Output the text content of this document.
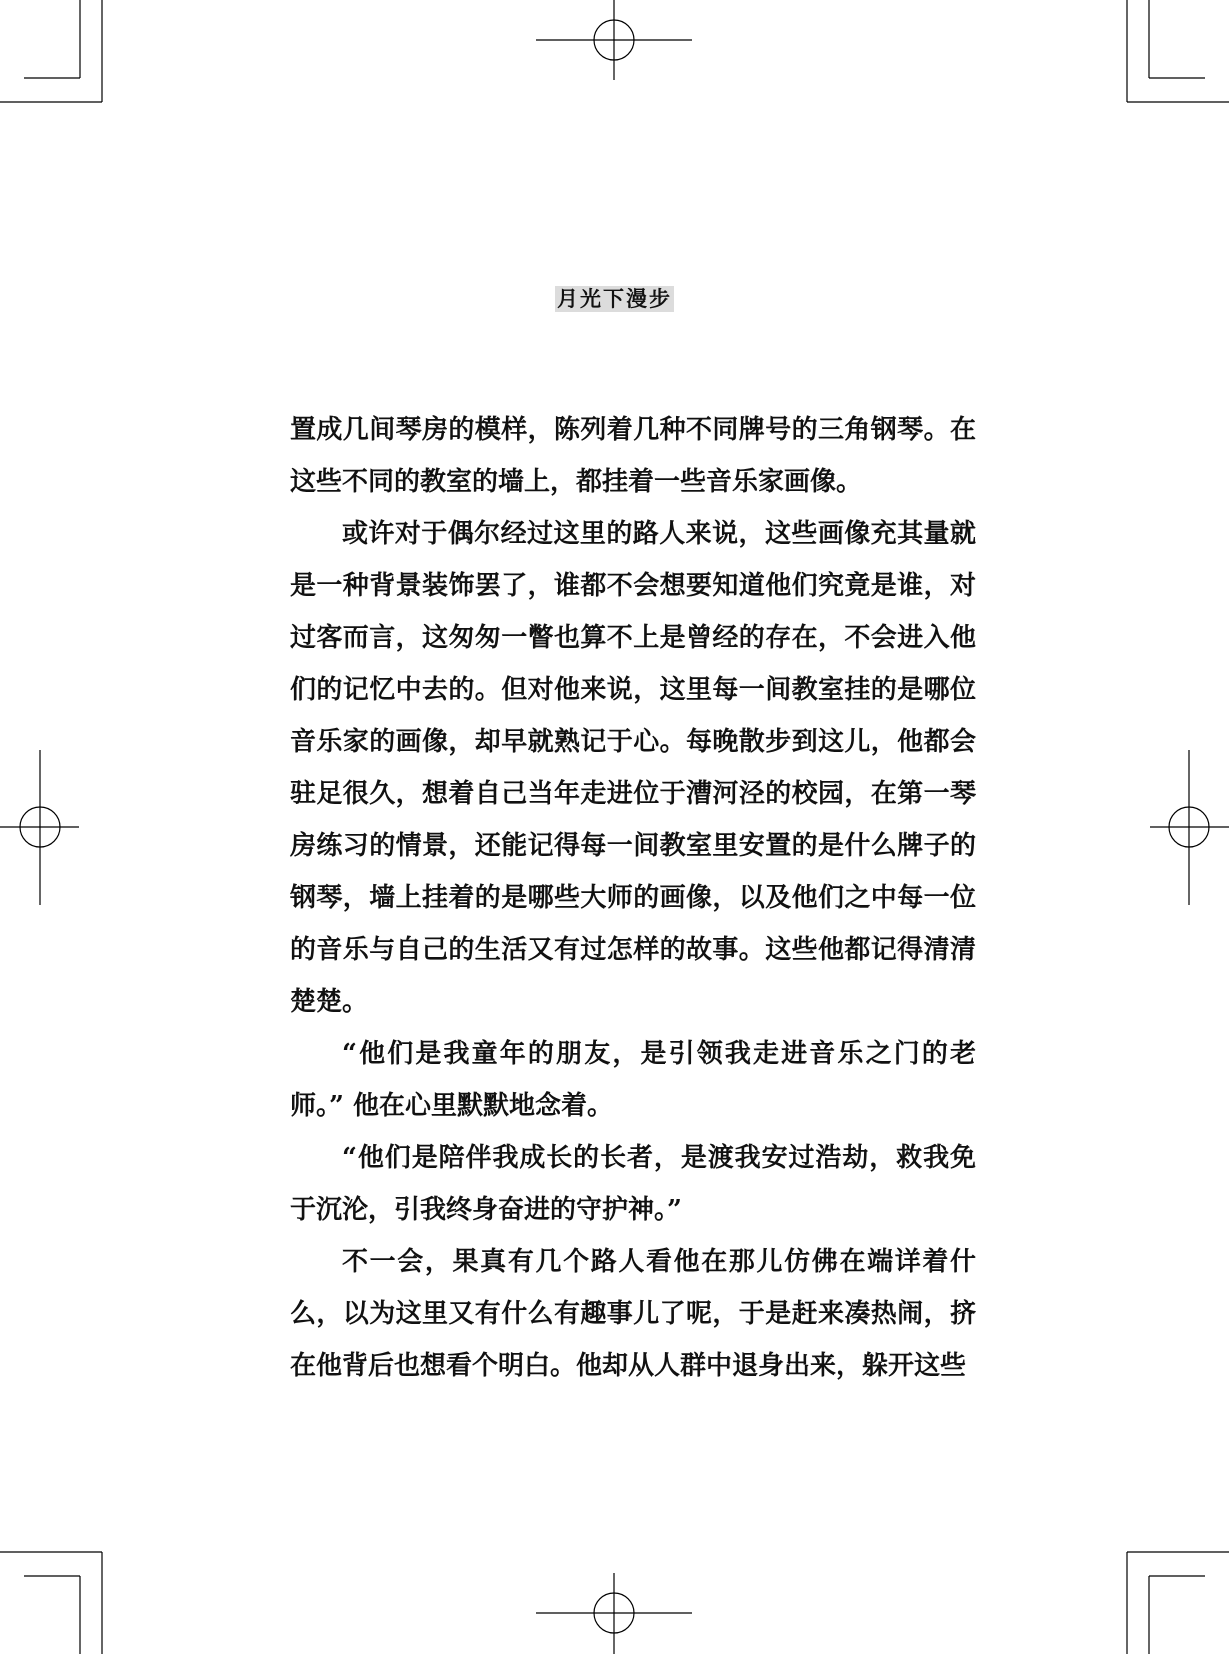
月光下漫步

置成几间琴房的模样，陈列着几种不同牌号的三角钢琴。在这些不同的教室的墙上，都挂着一些音乐家画像。

或许对于偶尔经过这里的路人来说，这些画像充其量就是一种背景装饰罢了，谁都不会想要知道他们究竟是谁，对过客而言，这匆匆一瞥也算不上是曾经的存在，不会进入他们的记忆中去的。但对他来说，这里每一间教室挂的是哪位音乐家的画像，却早就熟记于心。每晚散步到这儿，他都会驻足很久，想着自己当年走进位于漕河泾的校园，在第一琴房练习的情景，还能记得每一间教室里安置的是什么牌子的钢琴，墙上挂着的是哪些大师的画像，以及他们之中每一位的音乐与自己的生活又有过怎样的故事。这些他都记得清清楚楚。

“他们是我童年的朋友，是引领我走进音乐之门的老师。” 他在心里默默地念着。

“他们是陪伴我成长的长者，是渡我安过浩劫，救我免于沉沦，引我终身奋进的守护神。”

不一会，果真有几个路人看他在那儿仿佛在端详着什么，以为这里又有什么有趣事儿了呢，于是赶来凑热闹，挤在他背后也想看个明白。他却从人群中退身出来，躲开这些
